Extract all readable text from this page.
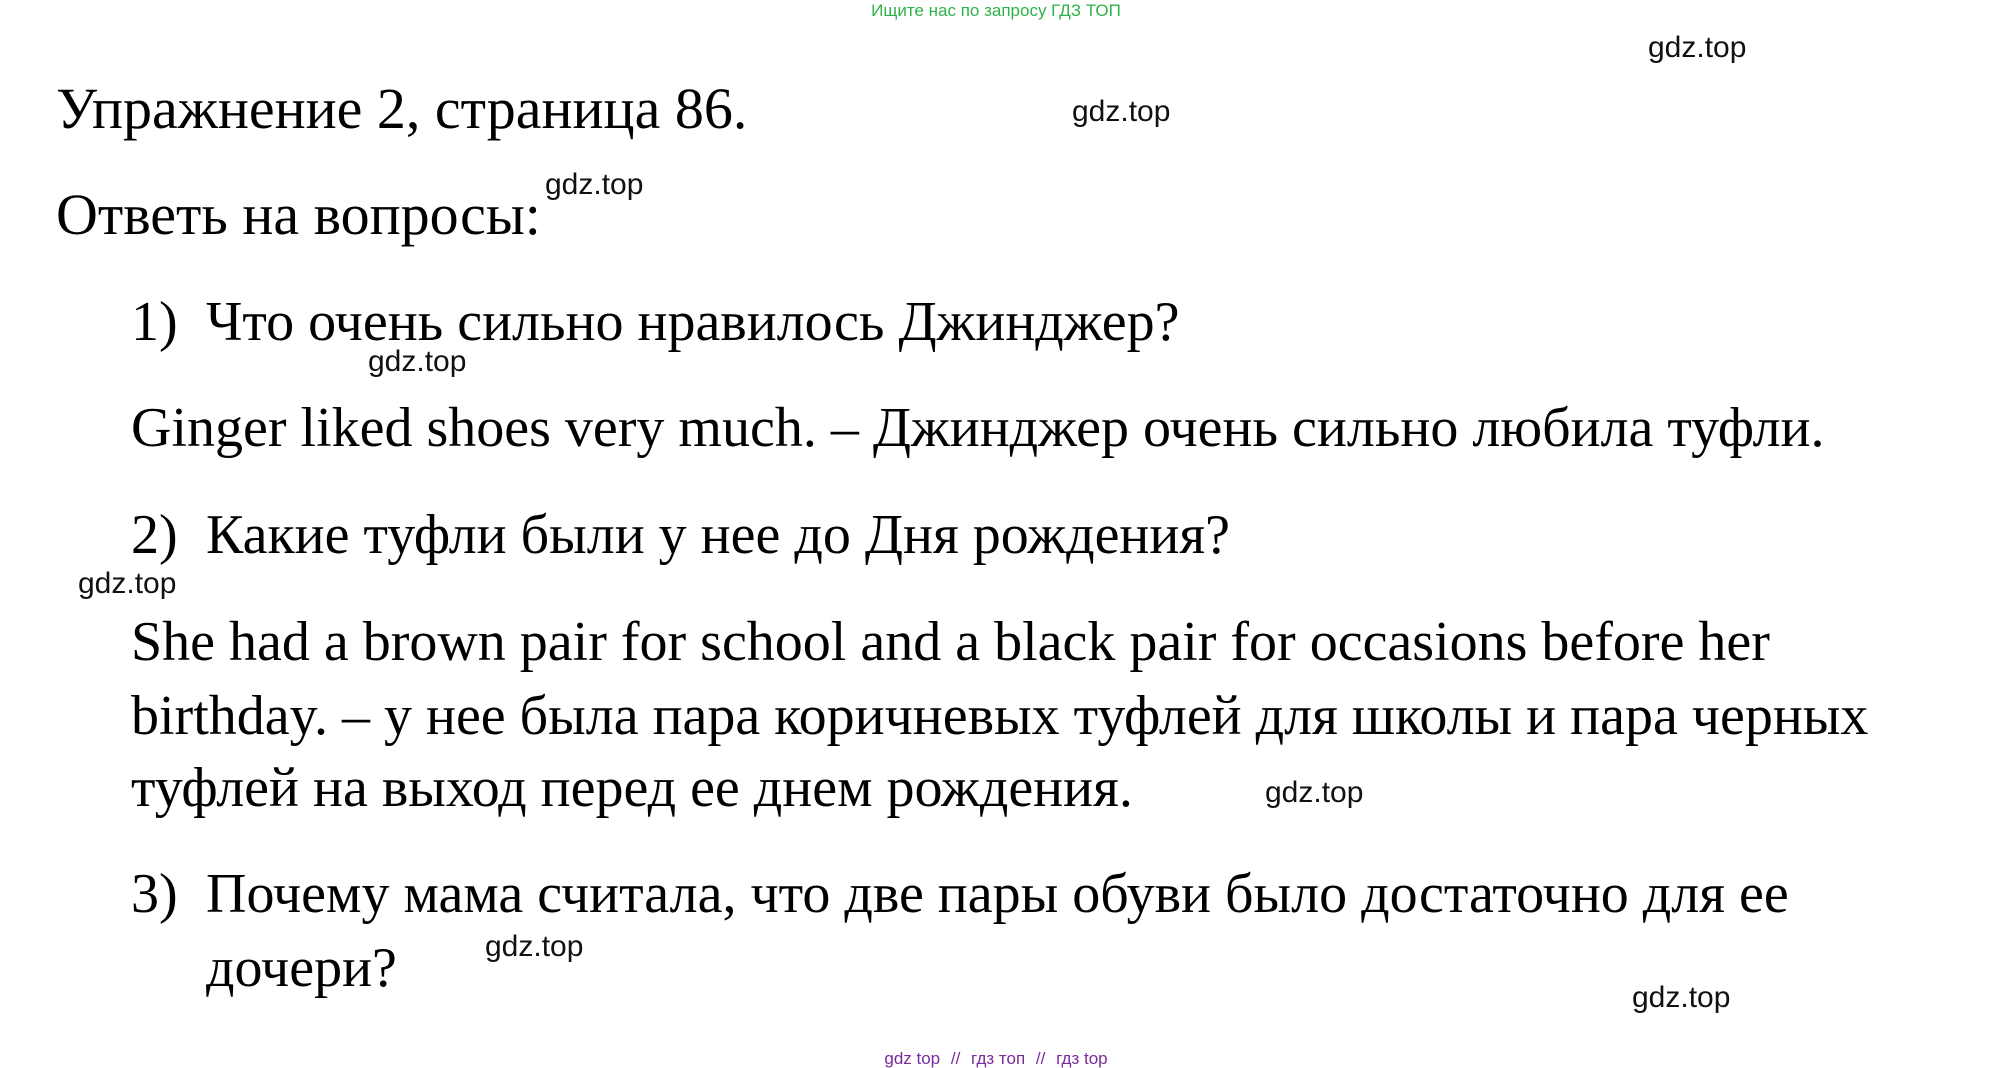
Ищите нас по запросу ГДЗ ТОП
Упражнение 2, страница 86.
Ответь на вопросы:
1) Что очень сильно нравилось Джинджер?
Ginger liked shoes very much. – Джинджер очень сильно любила туфли.
2) Какие туфли были у нее до Дня рождения?
She had a brown pair for school and a black pair for occasions before her
birthday. – у нее была пара коричневых туфлей для школы и пара черных
туфлей на выход перед ее днем рождения.
3) Почему мама считала, что две пары обуви было достаточно для ее
дочери?
gdz.top
gdz.top
gdz.top
gdz.top
gdz.top
gdz.top
gdz.top
gdz.top
gdz top // гдз топ // гдз top
